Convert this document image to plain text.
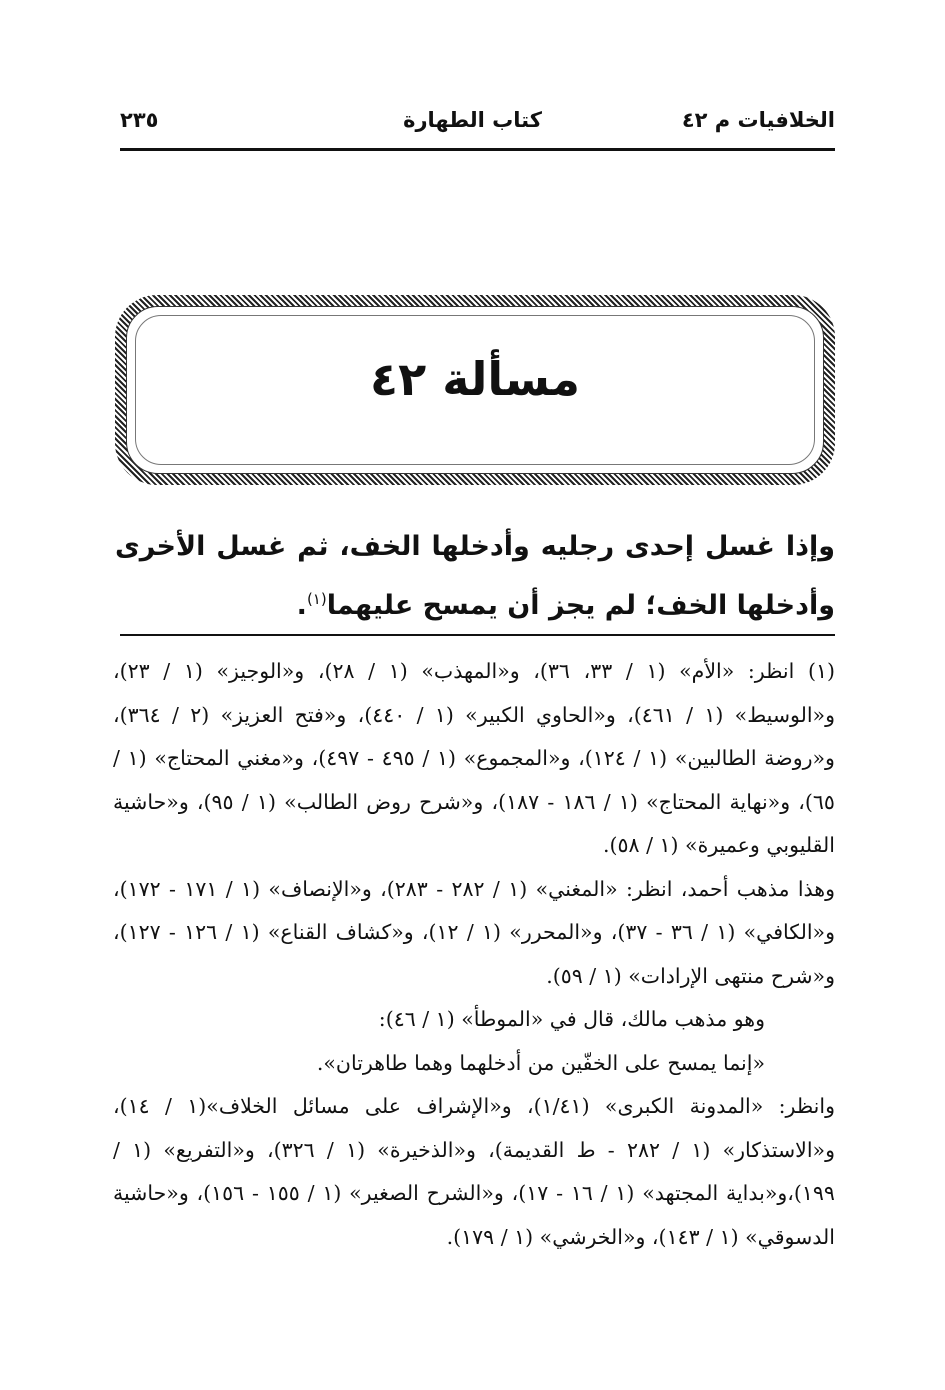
الخلافيات م ٤٢
كتاب الطهارة
٢٣٥
مسألة ٤٢
وإذا غسل إحدى رجليه وأدخلها الخف، ثم غسل الأخرى وأدخلها الخف؛ لم يجز أن يمسح عليهما$^{(١)}$.

(١) انظر: «الأم» (١ / ٣٣، ٣٦)، و«المهذب» (١ / ٢٨)، و«الوجيز» (١ / ٢٣)، و«الوسيط» (١ / ٤٦١)، و«الحاوي الكبير» (١ / ٤٤٠)، و«فتح العزيز» (٢ / ٣٦٤)، و«روضة الطالبين» (١ / ١٢٤)، و«المجموع» (١ / ٤٩٥ - ٤٩٧)، و«مغني المحتاج» (١ / ٦٥)، و«نهاية المحتاج» (١ / ١٨٦ - ١٨٧)، و«شرح روض الطالب» (١ / ٩٥)، و«حاشية القليوبي وعميرة» (١ / ٥٨).

وهذا مذهب أحمد، انظر: «المغني» (١ / ٢٨٢ - ٢٨٣)، و«الإنصاف» (١ / ١٧١ - ١٧٢)، و«الكافي» (١ / ٣٦ - ٣٧)، و«المحرر» (١ / ١٢)، و«كشاف القناع» (١ / ١٢٦ - ١٢٧)، و«شرح منتهى الإرادات» (١ / ٥٩).

وهو مذهب مالك، قال في «الموطأ» (١ / ٤٦):

«إنما يمسح على الخفّين من أدخلهما وهما طاهرتان».

وانظر: «المدونة الكبرى» (١/٤١)، و«الإشراف على مسائل الخلاف»(١ / ١٤)، و«الاستذكار» (١ / ٢٨٢ - ط القديمة)، و«الذخيرة» (١ / ٣٢٦)، و«التفريع» (١ /١٩٩)،و«بداية المجتهد» (١ / ١٦ - ١٧)، و«الشرح الصغير» (١ / ١٥٥ - ١٥٦)، و«حاشية الدسوقي» (١ / ١٤٣)، و«الخرشي» (١ / ١٧٩).
